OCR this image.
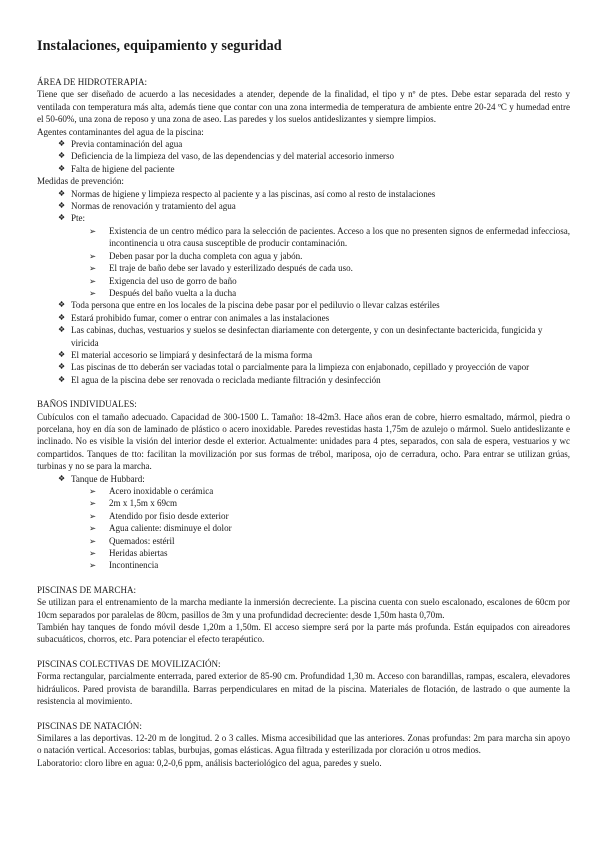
Instalaciones, equipamiento y seguridad
ÁREA DE HIDROTERAPIA:

Tiene que ser diseñado de acuerdo a las necesidades a atender, depende de la finalidad, el tipo y nº de ptes. Debe estar separada del resto y ventilada con temperatura más alta, además tiene que contar con una zona intermedia de temperatura de ambiente entre 20-24 ºC y humedad entre el 50-60%, una zona de reposo y una zona de aseo. Las paredes y los suelos antideslizantes y siempre limpios.

Agentes contaminantes del agua de la piscina:
❖ Previa contaminación del agua
❖ Deficiencia de la limpieza del vaso, de las dependencias y del material accesorio inmerso
❖ Falta de higiene del paciente
Medidas de prevención:
❖ Normas de higiene y limpieza respecto al paciente y a las piscinas, así como al resto de instalaciones
❖ Normas de renovación y tratamiento del agua
❖ Pte:
➢ Existencia de un centro médico para la selección de pacientes. Acceso a los que no presenten signos de enfermedad infecciosa, incontinencia u otra causa susceptible de producir contaminación.
➢ Deben pasar por la ducha completa con agua y jabón.
➢ El traje de baño debe ser lavado y esterilizado después de cada uso.
➢ Exigencia del uso de gorro de baño
➢ Después del baño vuelta a la ducha
❖ Toda persona que entre en los locales de la piscina debe pasar por el pediluvio o llevar calzas estériles
❖ Estará prohibido fumar, comer o entrar con animales a las instalaciones
❖ Las cabinas, duchas, vestuarios y suelos se desinfectan diariamente con detergente, y con un desinfectante bactericida, fungicida y viricida
❖ El material accesorio se limpiará y desinfectará de la misma forma
❖ Las piscinas de tto deberán ser vaciadas total o parcialmente para la limpieza con enjabonado, cepillado y proyección de vapor
❖ El agua de la piscina debe ser renovada o reciclada mediante filtración y desinfección
BAÑOS INDIVIDUALES:

Cubículos con el tamaño adecuado. Capacidad de 300-1500 L. Tamaño: 18-42m3. Hace años eran de cobre, hierro esmaltado, mármol, piedra o porcelana, hoy en día son de laminado de plástico o acero inoxidable. Paredes revestidas hasta 1,75m de azulejo o mármol. Suelo antideslizante e inclinado. No es visible la visión del interior desde el exterior. Actualmente: unidades para 4 ptes, separados, con sala de espera, vestuarios y wc compartidos. Tanques de tto: facilitan la movilización por sus formas de trébol, mariposa, ojo de cerradura, ocho. Para entrar se utilizan grúas, turbinas y no se para la marcha.

❖ Tanque de Hubbard:
➢ Acero inoxidable o cerámica
➢ 2m x 1,5m x 69cm
➢ Atendido por fisio desde exterior
➢ Agua caliente: disminuye el dolor
➢ Quemados: estéril
➢ Heridas abiertas
➢ Incontinencia
PISCINAS DE MARCHA:

Se utilizan para el entrenamiento de la marcha mediante la inmersión decreciente. La piscina cuenta con suelo escalonado, escalones de 60cm por 10cm separados por paralelas de 80cm, pasillos de 3m y una profundidad decreciente: desde 1,50m hasta 0,70m.

También hay tanques de fondo móvil desde 1,20m a 1,50m. El acceso siempre será por la parte más profunda. Están equipados con aireadores subacuáticos, chorros, etc. Para potenciar el efecto terapéutico.

PISCINAS COLECTIVAS DE MOVILIZACIÓN:

Forma rectangular, parcialmente enterrada, pared exterior de 85-90 cm. Profundidad 1,30 m. Acceso con barandillas, rampas, escalera, elevadores hidráulicos. Pared provista de barandilla. Barras perpendiculares en mitad de la piscina. Materiales de flotación, de lastrado o que aumente la resistencia al movimiento.

PISCINAS DE NATACIÓN:

Similares a las deportivas. 12-20 m de longitud. 2 o 3 calles. Misma accesibilidad que las anteriores. Zonas profundas: 2m para marcha sin apoyo o natación vertical. Accesorios: tablas, burbujas, gomas elásticas. Agua filtrada y esterilizada por cloración u otros medios.

Laboratorio: cloro libre en agua: 0,2-0,6 ppm, análisis bacteriológico del agua, paredes y suelo.
